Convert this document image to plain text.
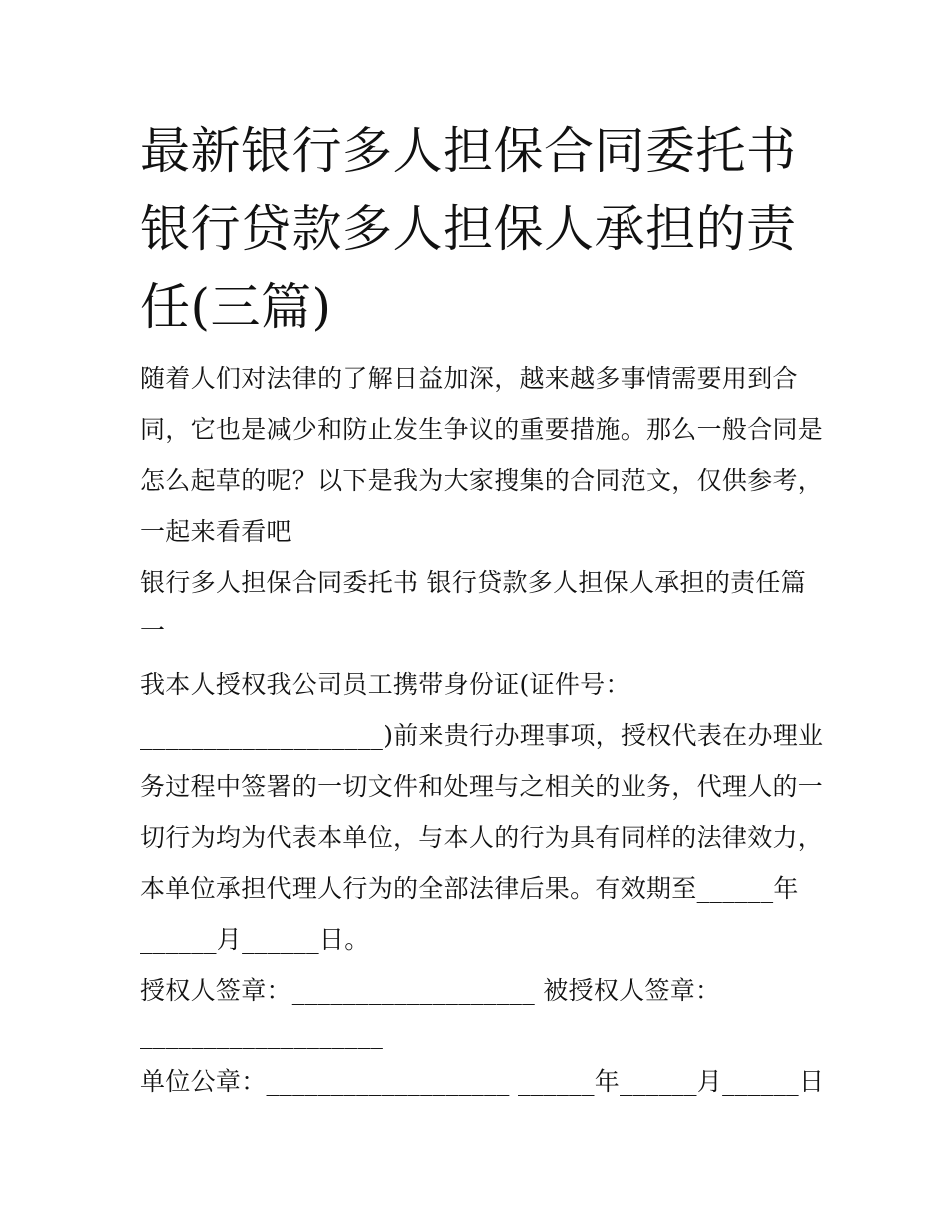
最新银行多人担保合同委托书 银行贷款多人担保人承担的责任(三篇)

随着人们对法律的了解日益加深，越来越多事情需要用到合

同，它也是减少和防止发生争议的重要措施。那么一般合同是

怎么起草的呢？以下是我为大家搜集的合同范文，仅供参考，

一起来看看吧

银行多人担保合同委托书 银行贷款多人担保人承担的责任篇

一

我本人授权我公司员工携带身份证(证件号：

___________________)前来贵行办理事项，授权代表在办理业

务过程中签署的一切文件和处理与之相关的业务，代理人的一

切行为均为代表本单位，与本人的行为具有同样的法律效力，

本单位承担代理人行为的全部法律后果。有效期至______年

______月______日。

授权人签章：___________________ 被授权人签章：

___________________

单位公章：___________________ ______年______月______日
